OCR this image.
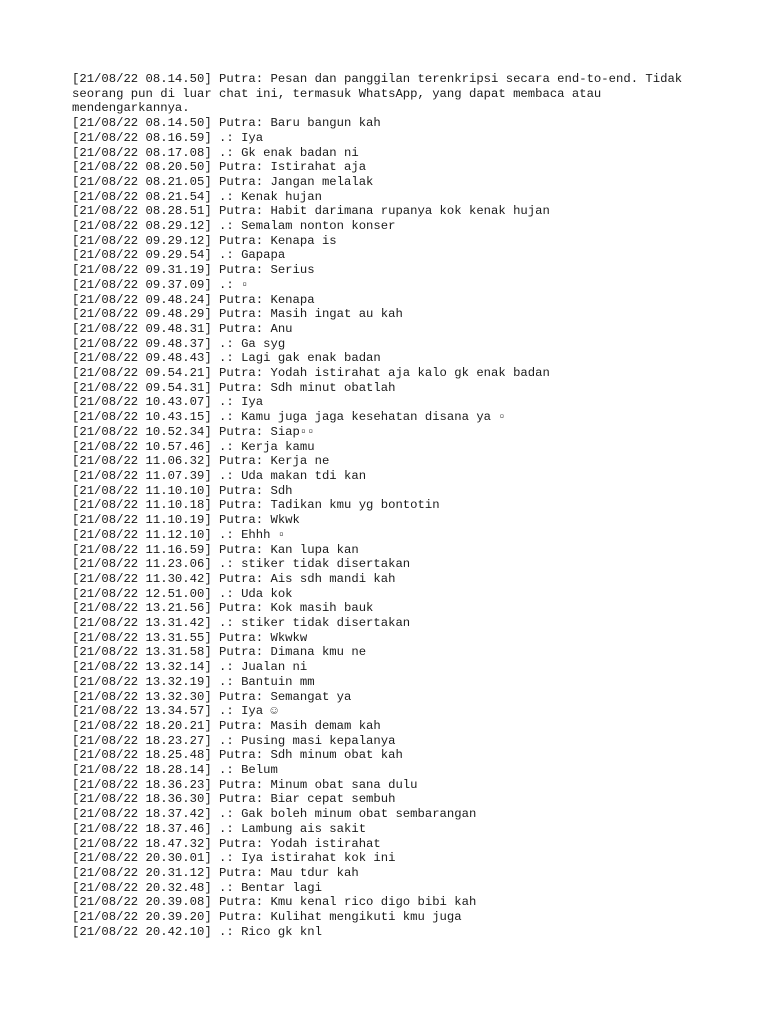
[21/08/22 08.14.50] Putra: Pesan dan panggilan terenkripsi secara end-to-end. Tidak seorang pun di luar chat ini, termasuk WhatsApp, yang dapat membaca atau mendengarkannya.
[21/08/22 08.14.50] Putra: Baru bangun kah
[21/08/22 08.16.59] .: Iya
[21/08/22 08.17.08] .: Gk enak badan ni
[21/08/22 08.20.50] Putra: Istirahat aja
[21/08/22 08.21.05] Putra: Jangan melalak
[21/08/22 08.21.54] .: Kenak hujan
[21/08/22 08.28.51] Putra: Habit darimana rupanya kok kenak hujan
[21/08/22 08.29.12] .: Semalam nonton konser
[21/08/22 09.29.12] Putra: Kenapa is
[21/08/22 09.29.54] .: Gapapa
[21/08/22 09.31.19] Putra: Serius
[21/08/22 09.37.09] .: ▫
[21/08/22 09.48.24] Putra: Kenapa
[21/08/22 09.48.29] Putra: Masih ingat au kah
[21/08/22 09.48.31] Putra: Anu
[21/08/22 09.48.37] .: Ga syg
[21/08/22 09.48.43] .: Lagi gak enak badan
[21/08/22 09.54.21] Putra: Yodah istirahat aja kalo gk enak badan
[21/08/22 09.54.31] Putra: Sdh minut obatlah
[21/08/22 10.43.07] .: Iya
[21/08/22 10.43.15] .: Kamu juga jaga kesehatan disana ya ▫
[21/08/22 10.52.34] Putra: Siap▫▫
[21/08/22 10.57.46] .: Kerja kamu
[21/08/22 11.06.32] Putra: Kerja ne
[21/08/22 11.07.39] .: Uda makan tdi kan
[21/08/22 11.10.10] Putra: Sdh
[21/08/22 11.10.18] Putra: Tadikan kmu yg bontotin
[21/08/22 11.10.19] Putra: Wkwk
[21/08/22 11.12.10] .: Ehhh ▫
[21/08/22 11.16.59] Putra: Kan lupa kan
[21/08/22 11.23.06] .: stiker tidak disertakan
[21/08/22 11.30.42] Putra: Ais sdh mandi kah
[21/08/22 12.51.00] .: Uda kok
[21/08/22 13.21.56] Putra: Kok masih bauk
[21/08/22 13.31.42] .: stiker tidak disertakan
[21/08/22 13.31.55] Putra: Wkwkw
[21/08/22 13.31.58] Putra: Dimana kmu ne
[21/08/22 13.32.14] .: Jualan ni
[21/08/22 13.32.19] .: Bantuin mm
[21/08/22 13.32.30] Putra: Semangat ya
[21/08/22 13.34.57] .: Iya ☺
[21/08/22 18.20.21] Putra: Masih demam kah
[21/08/22 18.23.27] .: Pusing masi kepalanya
[21/08/22 18.25.48] Putra: Sdh minum obat kah
[21/08/22 18.28.14] .: Belum
[21/08/22 18.36.23] Putra: Minum obat sana dulu
[21/08/22 18.36.30] Putra: Biar cepat sembuh
[21/08/22 18.37.42] .: Gak boleh minum obat sembarangan
[21/08/22 18.37.46] .: Lambung ais sakit
[21/08/22 18.47.32] Putra: Yodah istirahat
[21/08/22 20.30.01] .: Iya istirahat kok ini
[21/08/22 20.31.12] Putra: Mau tdur kah
[21/08/22 20.32.48] .: Bentar lagi
[21/08/22 20.39.08] Putra: Kmu kenal rico digo bibi kah
[21/08/22 20.39.20] Putra: Kulihat mengikuti kmu juga
[21/08/22 20.42.10] .: Rico gk knl
